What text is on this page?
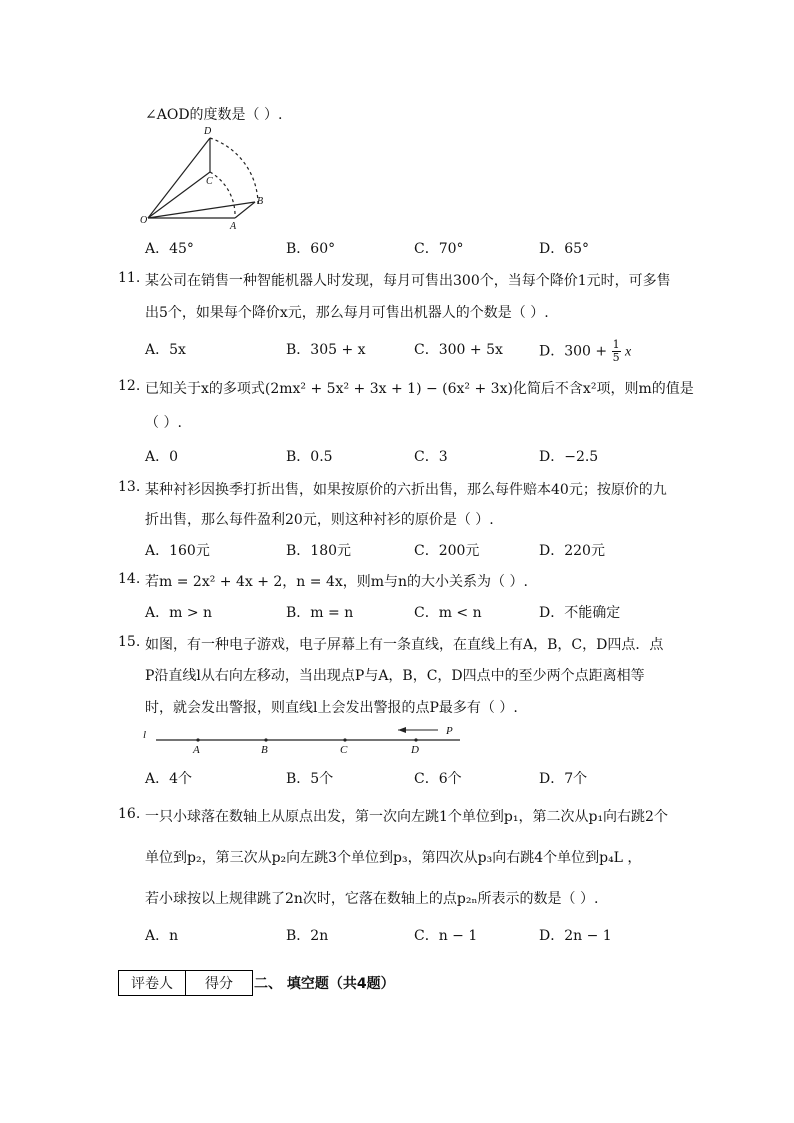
∠AOD的度数是（ ）.
D
C
B
O
A
A．45°	B．60°	C．70°	D．65°
11. 某公司在销售一种智能机器人时发现，每月可售出300个，当每个降价1元时，可多售
出5个，如果每个降价x元，那么每月可售出机器人的个数是（ ）.
A．5x	B．305 + x	C．300 + 5x	D．$300 + \frac{1}{5}$ x
12. 已知关于x的多项式(2mx² + 5x² + 3x + 1) − (6x² + 3x)化简后不含x²项，则m的值是
（ ）.
A．0	B．0.5	C．3	D．−2.5
13. 某种衬衫因换季打折出售，如果按原价的六折出售，那么每件赔本40元；按原价的九
折出售，那么每件盈利20元，则这种衬衫的原价是（ ）.
A．160元	B．180元	C．200元	D．220元
14. 若m = 2x² + 4x + 2，n = 4x，则m与n的大小关系为（ ）.
A．m > n	B．m = n	C．m < n	D．不能确定
15. 如图，有一种电子游戏，电子屏幕上有一条直线，在直线上有A，B，C，D四点．点
P沿直线l从右向左移动，当出现点P与A，B，C，D四点中的至少两个点距离相等
时，就会发出警报，则直线l上会发出警报的点P最多有（ ）.
l
A	B	C	D
P
A．4个	B．5个	C．6个	D．7个
16. 一只小球落在数轴上从原点出发，第一次向左跳1个单位到p₁，第二次从p₁向右跳2个
单位到p₂，第三次从p₂向左跳3个单位到p₃，第四次从p₃向右跳4个单位到p₄L ，
若小球按以上规律跳了2n次时，它落在数轴上的点p₂ₙ所表示的数是（ ）.
A．n	B．2n	C．n − 1	D．2n − 1
评卷人	得分 二、 填空题（共4题）
